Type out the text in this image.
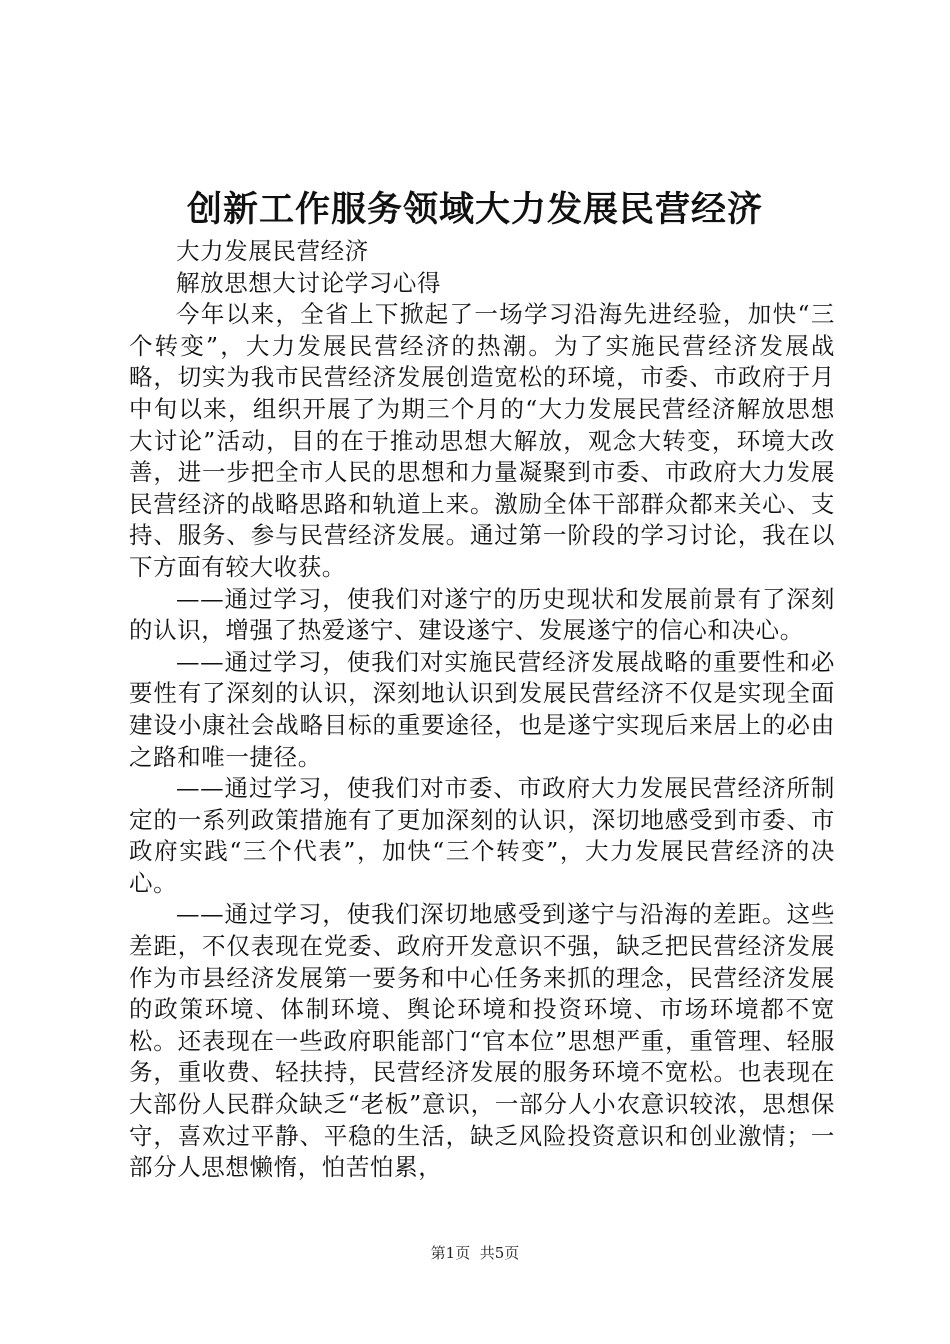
创新工作服务领域大力发展民营经济

大力发展民营经济

解放思想大讨论学习心得

今年以来，全省上下掀起了一场学习沿海先进经验，加快“三个转变”，大力发展民营经济的热潮。为了实施民营经济发展战略，切实为我市民营经济发展创造宽松的环境，市委、市政府于月中旬以来，组织开展了为期三个月的“大力发展民营经济解放思想大讨论”活动，目的在于推动思想大解放，观念大转变，环境大改善，进一步把全市人民的思想和力量凝聚到市委、市政府大力发展民营经济的战略思路和轨道上来。激励全体干部群众都来关心、支持、服务、参与民营经济发展。通过第一阶段的学习讨论，我在以下方面有较大收获。

——通过学习，使我们对遂宁的历史现状和发展前景有了深刻的认识，增强了热爱遂宁、建设遂宁、发展遂宁的信心和决心。

——通过学习，使我们对实施民营经济发展战略的重要性和必要性有了深刻的认识，深刻地认识到发展民营经济不仅是实现全面建设小康社会战略目标的重要途径，也是遂宁实现后来居上的必由之路和唯一捷径。

——通过学习，使我们对市委、市政府大力发展民营经济所制定的一系列政策措施有了更加深刻的认识，深切地感受到市委、市政府实践“三个代表”，加快“三个转变”，大力发展民营经济的决心。

——通过学习，使我们深切地感受到遂宁与沿海的差距。这些差距，不仅表现在党委、政府开发意识不强，缺乏把民营经济发展作为市县经济发展第一要务和中心任务来抓的理念，民营经济发展的政策环境、体制环境、舆论环境和投资环境、市场环境都不宽松。还表现在一些政府职能部门“官本位”思想严重，重管理、轻服务，重收费、轻扶持，民营经济发展的服务环境不宽松。也表现在大部份人民群众缺乏“老板”意识，一部分人小农意识较浓，思想保守，喜欢过平静、平稳的生活，缺乏风险投资意识和创业激情；一部分人思想懒惰，怕苦怕累，

第1页 共5页
